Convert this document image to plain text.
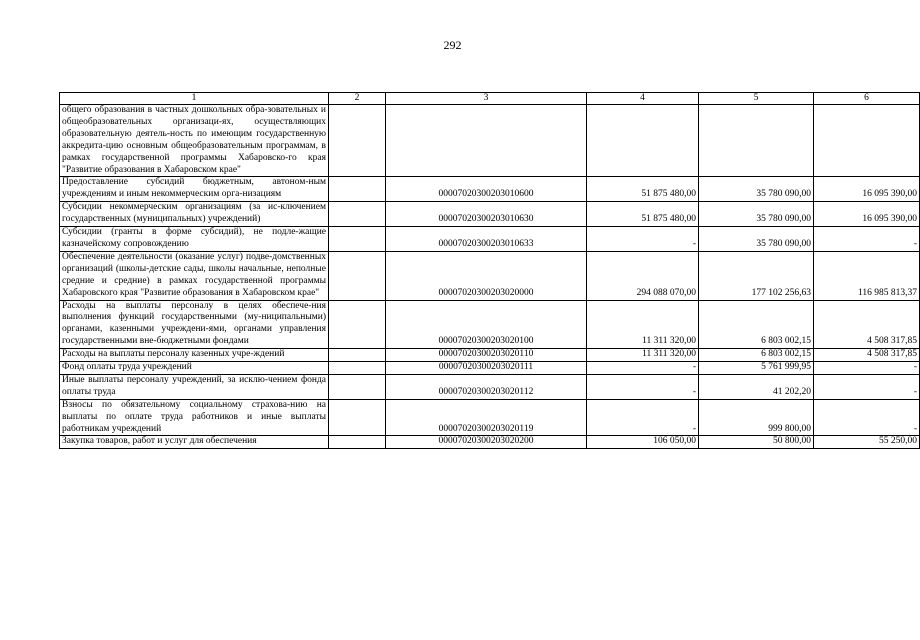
292
1	2	3	4	5	6
общего образования в частных дошкольных обра-зовательных и общеобразовательных организаци-ях, осуществляющих образовательную деятель-ность по имеющим государственную аккредита-цию основным общеобразовательным программам, в рамках государственной программы Хабаровско-го края "Развитие образования в Хабаровском крае"					
Предоставление субсидий бюджетным, автоном-ным учреждениям и иным некоммерческим орга-низациям		00007020300203010600	51 875 480,00	35 780 090,00	16 095 390,00
Субсидии некоммерческим организациям (за ис-ключением государственных (муниципальных) учреждений)		00007020300203010630	51 875 480,00	35 780 090,00	16 095 390,00
Субсидии (гранты в форме субсидий), не подле-жащие казначейскому сопровождению		00007020300203010633	-	35 780 090,00	-
Обеспечение деятельности (оказание услуг) подве-домственных организаций (школы-детские сады, школы начальные, неполные средние и средние) в рамках государственной программы Хабаровского края "Развитие образования в Хабаровском крае"		00007020300203020000	294 088 070,00	177 102 256,63	116 985 813,37
Расходы на выплаты персоналу в целях обеспече-ния выполнения функций государственными (му-ниципальными) органами, казенными учреждени-ями, органами управления государственными вне-бюджетными фондами		00007020300203020100	11 311 320,00	6 803 002,15	4 508 317,85
Расходы на выплаты персоналу казенных учре-ждений		00007020300203020110	11 311 320,00	6 803 002,15	4 508 317,85
Фонд оплаты труда учреждений		00007020300203020111	-	5 761 999,95	-
Иные выплаты персоналу учреждений, за исклю-чением фонда оплаты труда		00007020300203020112	-	41 202,20	-
Взносы по обязательному социальному страхова-нию на выплаты по оплате труда работников и иные выплаты работникам учреждений		00007020300203020119	-	999 800,00	-
Закупка товаров, работ и услуг для обеспечения		00007020300203020200	106 050,00	50 800,00	55 250,00
